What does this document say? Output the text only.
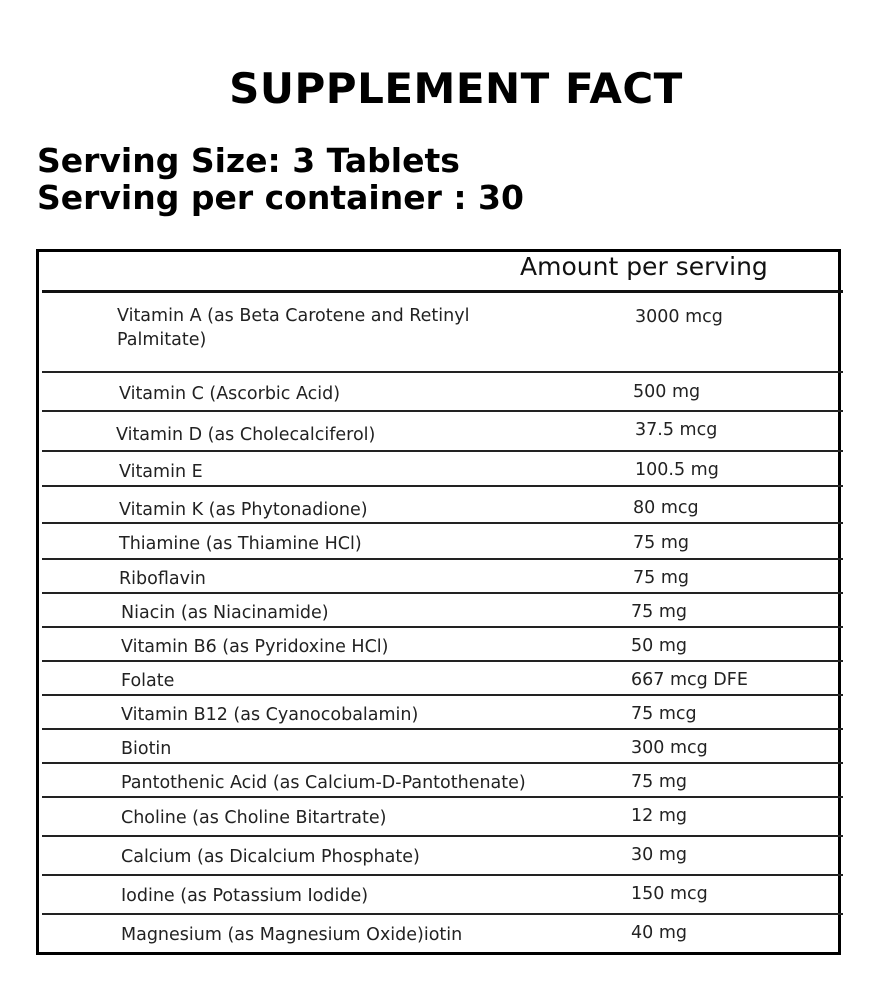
SUPPLEMENT FACT
Serving Size: 3 Tablets
Serving per container : 30
Amount per serving
Vitamin A (as Beta Carotene and Retinyl Palmitate)
3000 mcg
Vitamin C (Ascorbic Acid)	500 mg
Vitamin D (as Cholecalciferol)	37.5 mcg
Vitamin E	100.5 mg
Vitamin K (as Phytonadione)	80 mcg
Thiamine (as Thiamine HCl)	75 mg
Riboflavin	75 mg
Niacin (as Niacinamide)	75 mg
Vitamin B6 (as Pyridoxine HCl)	50 mg
Folate	667 mcg DFE
Vitamin B12 (as Cyanocobalamin)	75 mcg
Biotin	300 mcg
Pantothenic Acid (as Calcium-D-Pantothenate)	75 mg
Choline (as Choline Bitartrate)	12 mg
Calcium (as Dicalcium Phosphate)	30 mg
Iodine (as Potassium Iodide)	150 mcg
Magnesium (as Magnesium Oxide)iotin	40 mg
